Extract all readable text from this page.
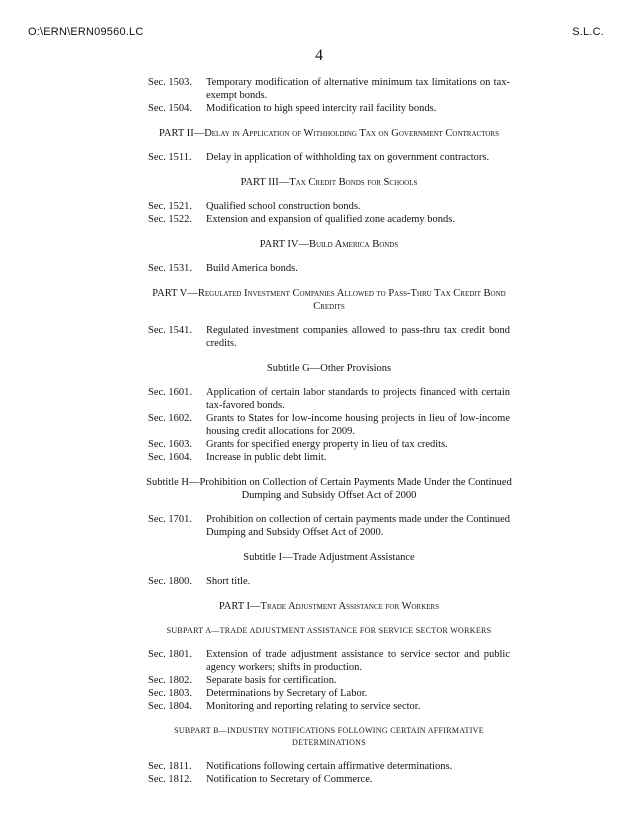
O:\ERN\ERN09560.LC	S.L.C.
4
Sec. 1503.	Temporary modification of alternative minimum tax limitations on tax-exempt bonds.
Sec. 1504.	Modification to high speed intercity rail facility bonds.
PART II—Delay in Application of Withholding Tax on Government Contractors
Sec. 1511.	Delay in application of withholding tax on government contractors.
PART III—Tax Credit Bonds for Schools
Sec. 1521.	Qualified school construction bonds.
Sec. 1522.	Extension and expansion of qualified zone academy bonds.
PART IV—Build America Bonds
Sec. 1531.	Build America bonds.
PART V—Regulated Investment Companies Allowed to Pass-Thru Tax Credit Bond Credits
Sec. 1541.	Regulated investment companies allowed to pass-thru tax credit bond credits.
Subtitle G—Other Provisions
Sec. 1601.	Application of certain labor standards to projects financed with certain tax-favored bonds.
Sec. 1602.	Grants to States for low-income housing projects in lieu of low-income housing credit allocations for 2009.
Sec. 1603.	Grants for specified energy property in lieu of tax credits.
Sec. 1604.	Increase in public debt limit.
Subtitle H—Prohibition on Collection of Certain Payments Made Under the Continued Dumping and Subsidy Offset Act of 2000
Sec. 1701.	Prohibition on collection of certain payments made under the Continued Dumping and Subsidy Offset Act of 2000.
Subtitle I—Trade Adjustment Assistance
Sec. 1800.	Short title.
PART I—Trade Adjustment Assistance for Workers
SUBPART A—TRADE ADJUSTMENT ASSISTANCE FOR SERVICE SECTOR WORKERS
Sec. 1801.	Extension of trade adjustment assistance to service sector and public agency workers; shifts in production.
Sec. 1802.	Separate basis for certification.
Sec. 1803.	Determinations by Secretary of Labor.
Sec. 1804.	Monitoring and reporting relating to service sector.
SUBPART B—INDUSTRY NOTIFICATIONS FOLLOWING CERTAIN AFFIRMATIVE DETERMINATIONS
Sec. 1811.	Notifications following certain affirmative determinations.
Sec. 1812.	Notification to Secretary of Commerce.
